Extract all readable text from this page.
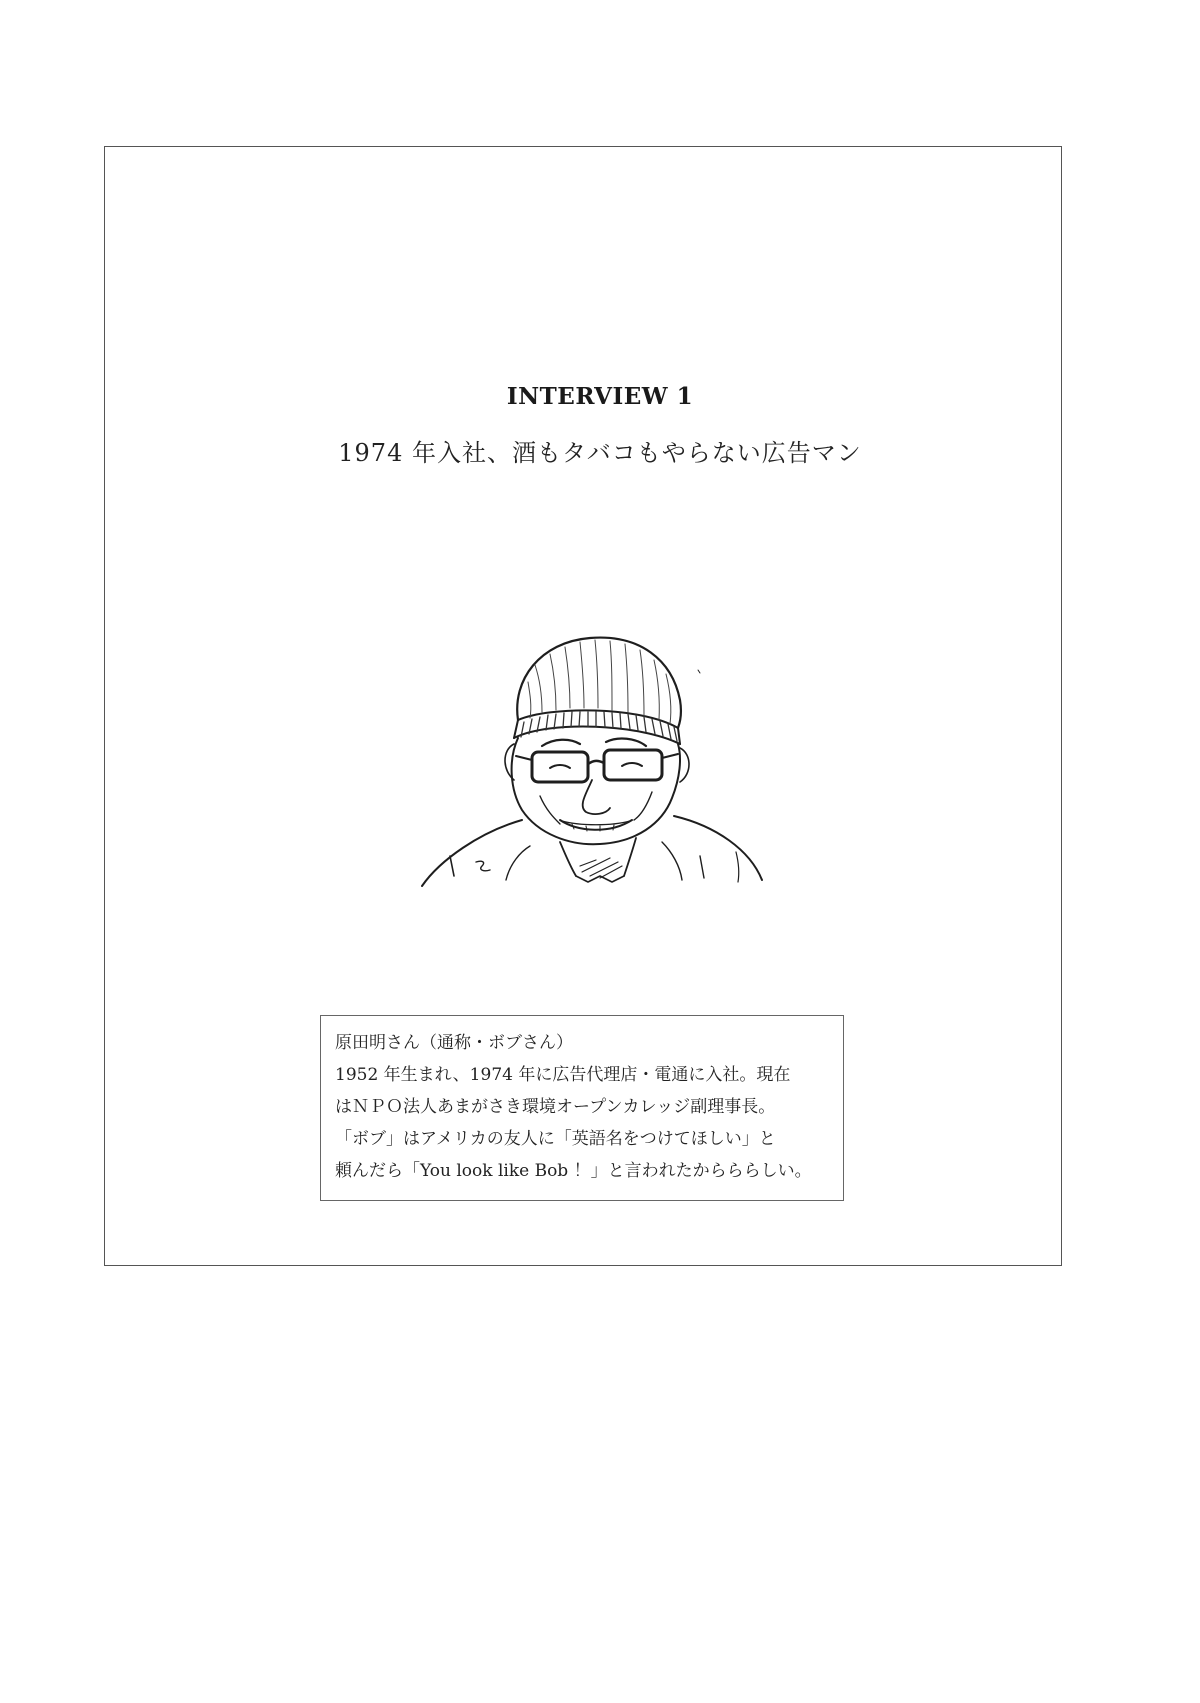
INTERVIEW 1
1974 年入社、酒もタバコもやらない広告マン
原田明さん（通称・ボブさん）
1952 年生まれ、1974 年に広告代理店・電通に入社。現在
はＮＰＯ法人あまがさき環境オープンカレッジ副理事長。
「ボブ」はアメリカの友人に「英語名をつけてほしい」と
頼んだら「You look like Bob ！」と言われたからららしい。
